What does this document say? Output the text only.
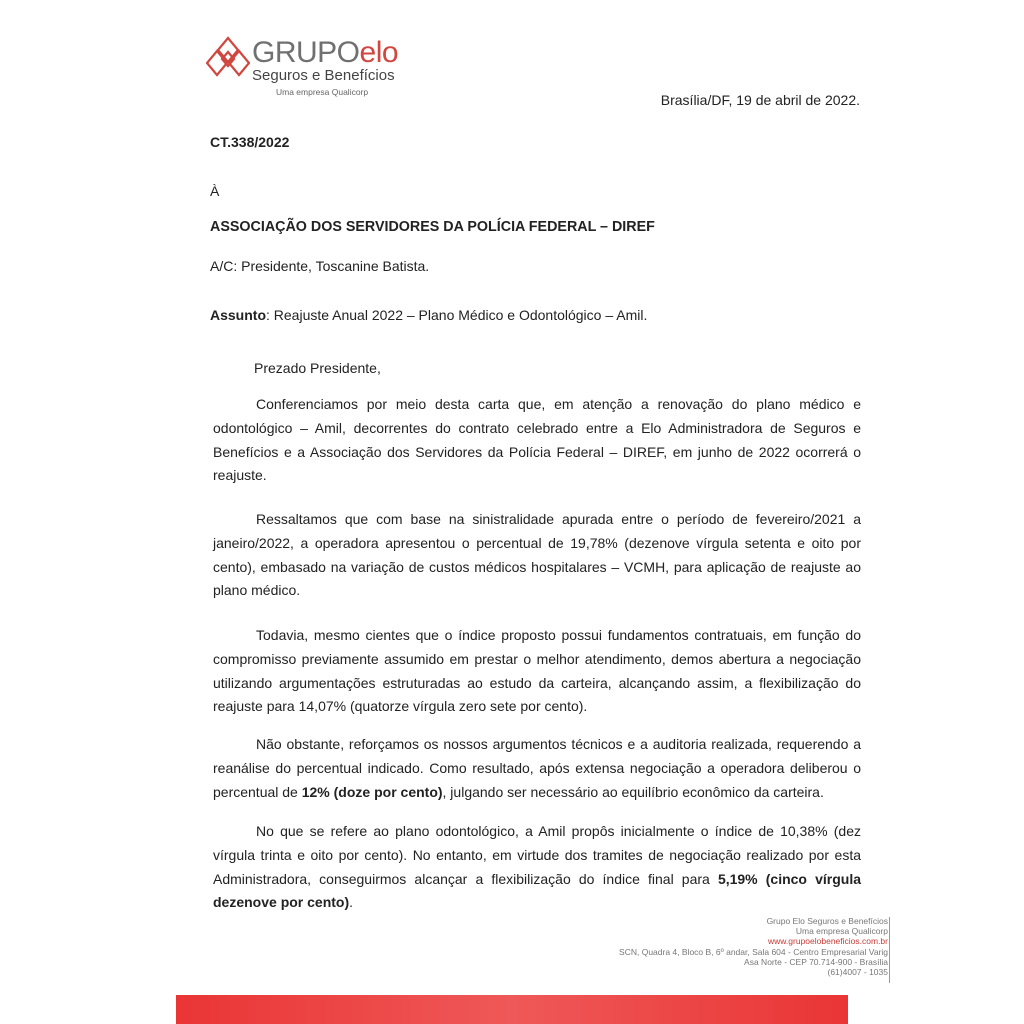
GRUPOelo
Seguros e Benefícios
Uma empresa Qualicorp	Brasília/DF, 19 de abril de 2022.
CT.338/2022
À
ASSOCIAÇÃO DOS SERVIDORES DA POLÍCIA FEDERAL – DIREF
A/C: Presidente, Toscanine Batista.
Assunto: Reajuste Anual 2022 – Plano Médico e Odontológico – Amil.
Prezado Presidente,
Conferenciamos por meio desta carta que, em atenção a renovação do plano médico e odontológico – Amil, decorrentes do contrato celebrado entre a Elo Administradora de Seguros e Benefícios e a Associação dos Servidores da Polícia Federal – DIREF, em junho de 2022 ocorrerá o reajuste.
Ressaltamos que com base na sinistralidade apurada entre o período de fevereiro/2021 a janeiro/2022, a operadora apresentou o percentual de 19,78% (dezenove vírgula setenta e oito por cento), embasado na variação de custos médicos hospitalares – VCMH, para aplicação de reajuste ao plano médico.
Todavia, mesmo cientes que o índice proposto possui fundamentos contratuais, em função do compromisso previamente assumido em prestar o melhor atendimento, demos abertura a negociação utilizando argumentações estruturadas ao estudo da carteira, alcançando assim, a flexibilização do reajuste para 14,07% (quatorze vírgula zero sete por cento).
Não obstante, reforçamos os nossos argumentos técnicos e a auditoria realizada, requerendo a reanálise do percentual indicado. Como resultado, após extensa negociação a operadora deliberou o percentual de 12% (doze por cento), julgando ser necessário ao equilíbrio econômico da carteira.
No que se refere ao plano odontológico, a Amil propôs inicialmente o índice de 10,38% (dez vírgula trinta e oito por cento). No entanto, em virtude dos tramites de negociação realizado por esta Administradora, conseguirmos alcançar a flexibilização do índice final para 5,19% (cinco vírgula dezenove por cento).
Grupo Elo Seguros e Benefícios
Uma empresa Qualicorp
www.grupoelobeneficios.com.br
SCN, Quadra 4, Bloco B, 6º andar, Sala 604 - Centro Empresarial Varig
Asa Norte - CEP 70.714-900 - Brasília
(61)4007 - 1035
